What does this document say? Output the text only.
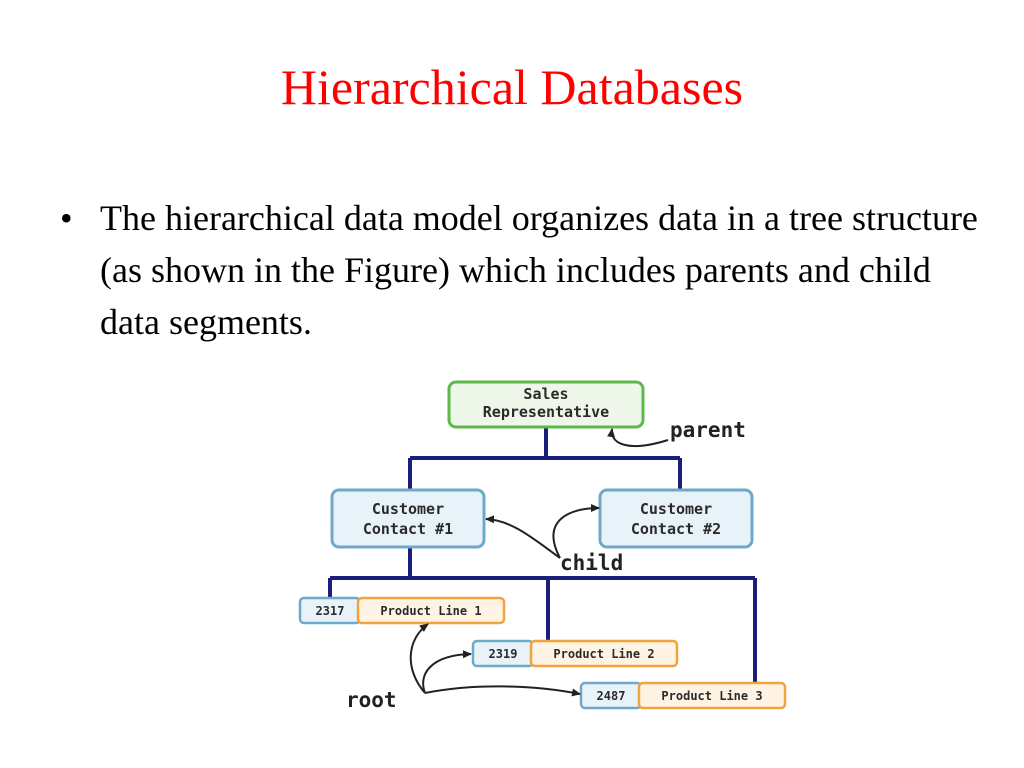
Hierarchical Databases
• The hierarchical data model organizes data in a tree structure (as shown in the Figure) which includes parents and child data segments.
Sales
Representative
Customer
Contact #1
Customer
Contact #2
2317	Product Line 1
2319	Product Line 2
2487	Product Line 3
parent
child
root
